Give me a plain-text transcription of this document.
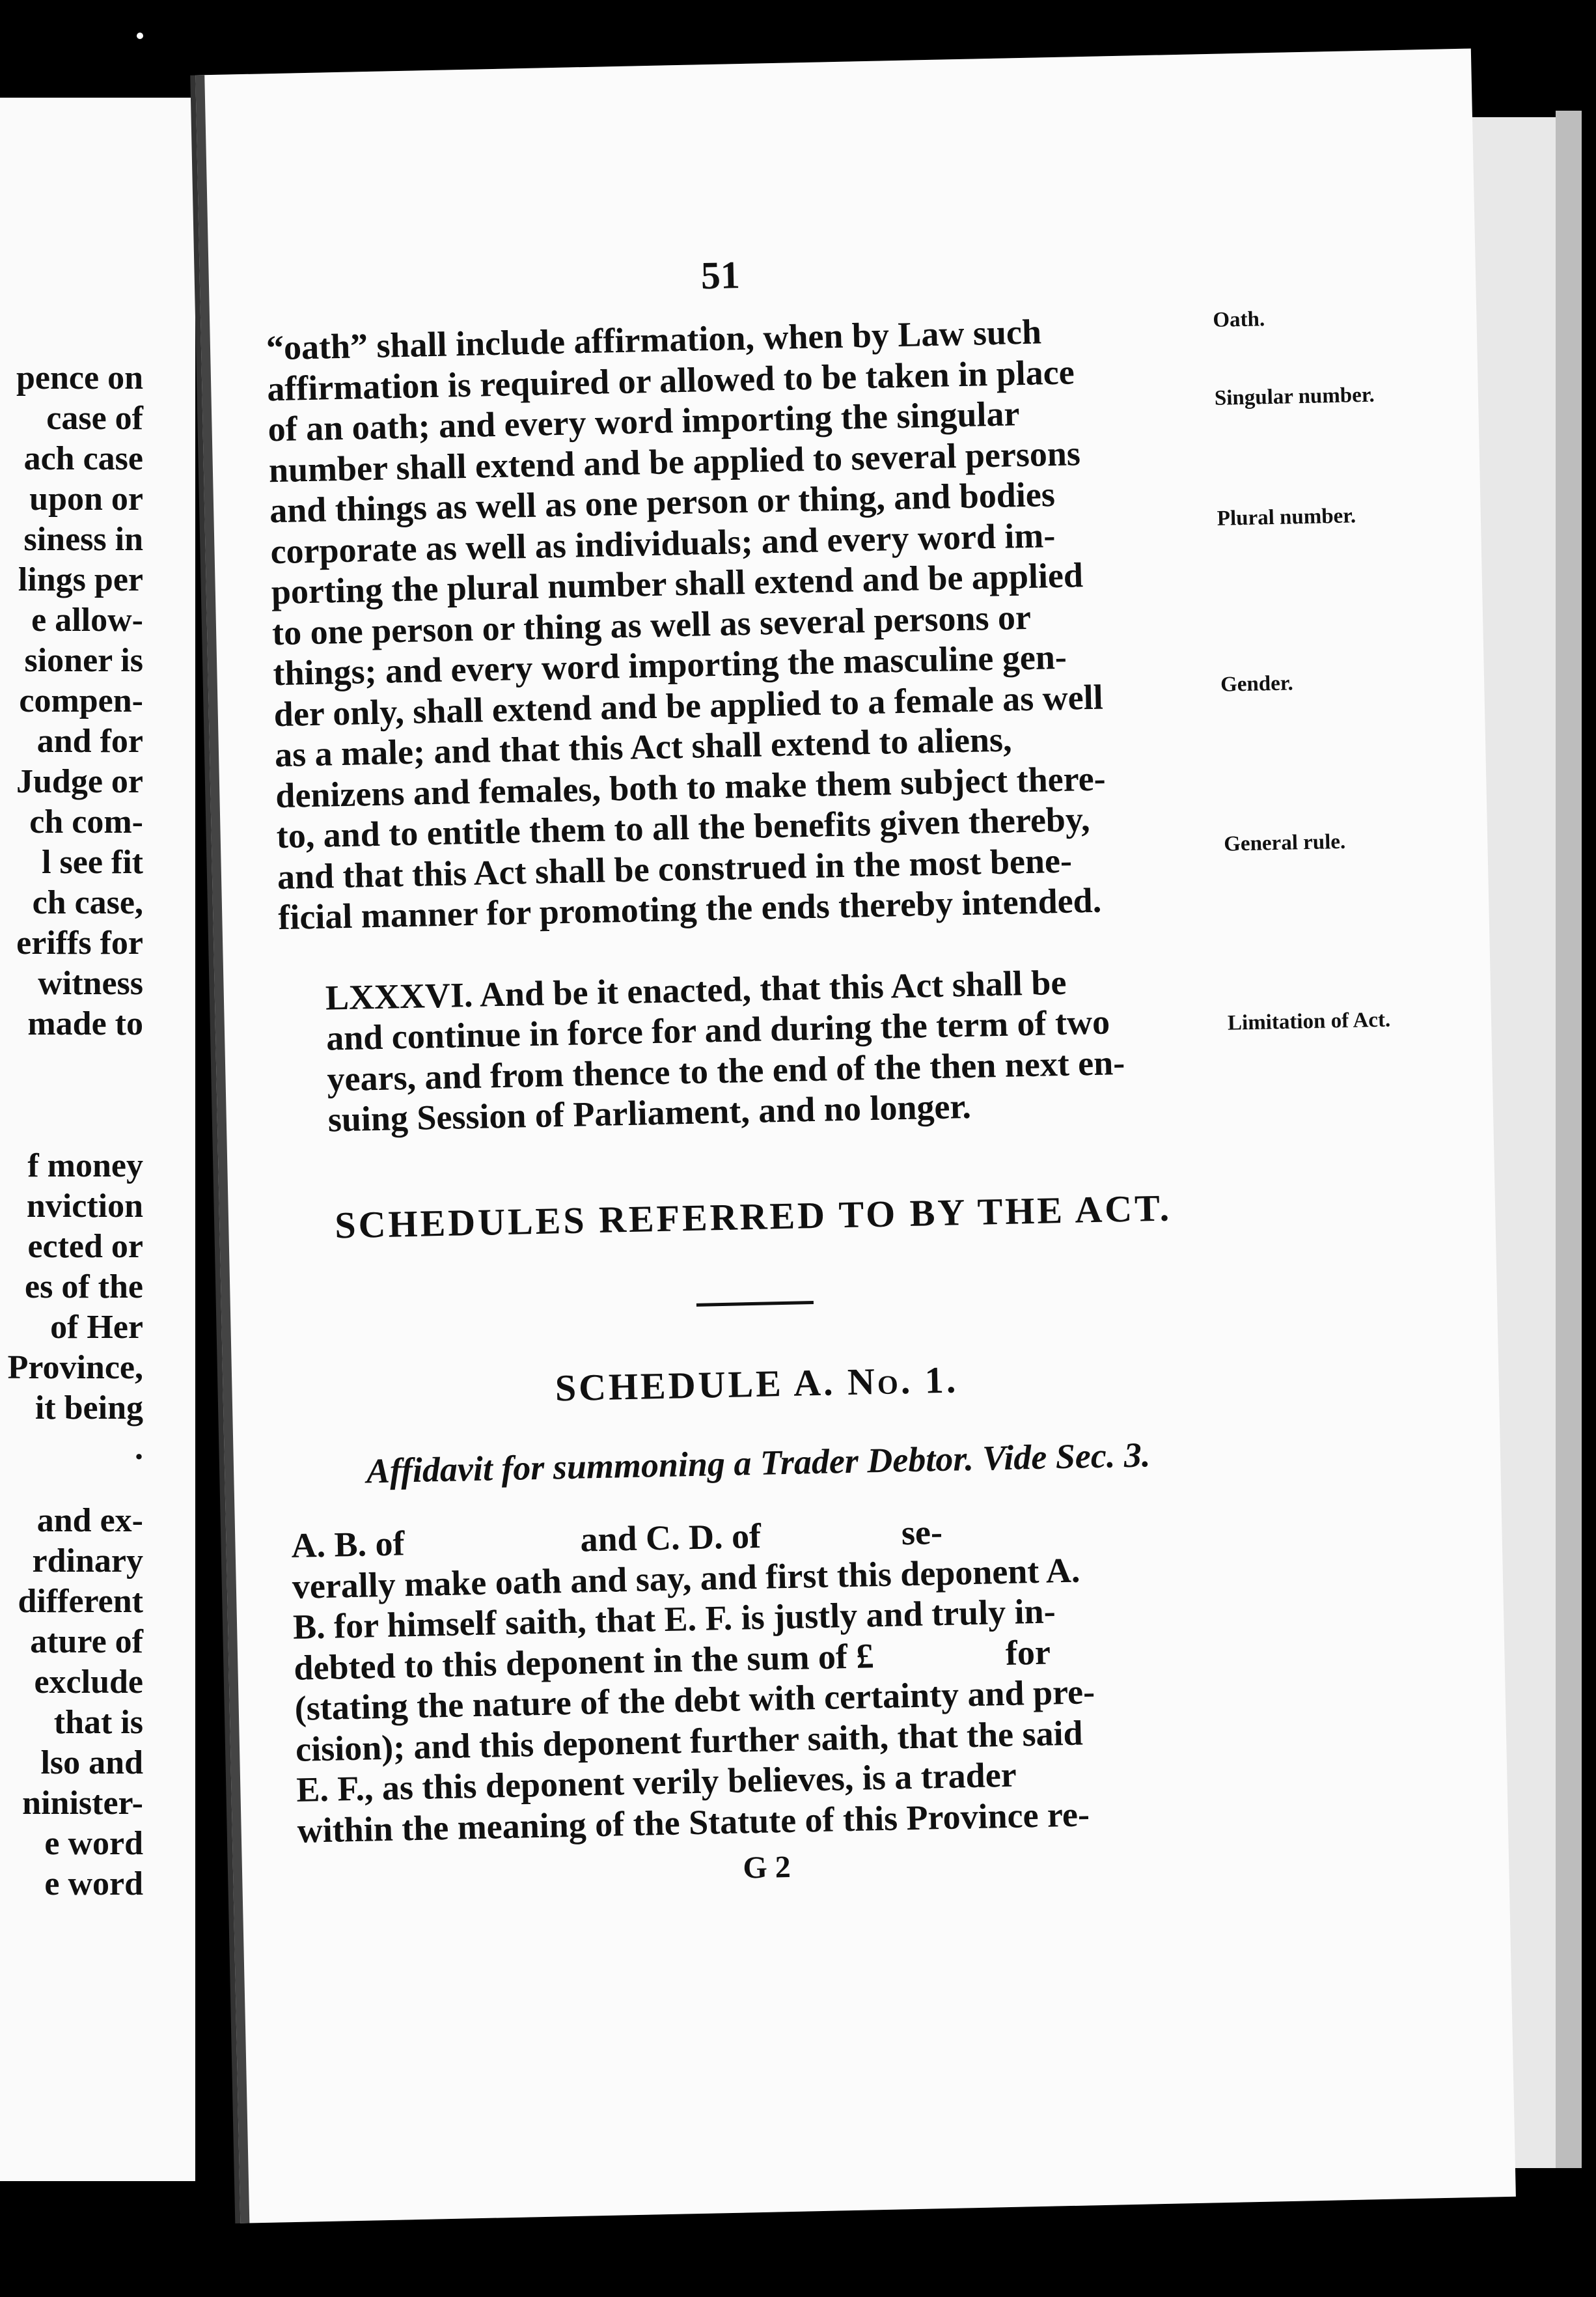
pence on
case of
ach case
upon or
siness in
lings per
e allow-
sioner is
compen-
and for
Judge or
ch com-
l see fit
ch case,
eriffs for
witness
made to
f money
nviction
ected or
es of the
of Her
Province,
it being
.
and ex-
rdinary
different
ature of
exclude
that is
lso and
ninister-
e word
e word
51
“oath” shall include affirmation, when by Law such
affirmation is required or allowed to be taken in place
of an oath; and every word importing the singular
number shall extend and be applied to several persons
and things as well as one person or thing, and bodies
corporate as well as individuals; and every word im-
porting the plural number shall extend and be applied
to one person or thing as well as several persons or
things; and every word importing the masculine gen-
der only, shall extend and be applied to a female as well
as a male; and that this Act shall extend to aliens,
denizens and females, both to make them subject there-
to, and to entitle them to all the benefits given thereby,
and that this Act shall be construed in the most bene-
ficial manner for promoting the ends thereby intended.
LXXXVI. And be it enacted, that this Act shall be
and continue in force for and during the term of two
years, and from thence to the end of the then next en-
suing Session of Parliament, and no longer.
SCHEDULES REFERRED TO BY THE ACT.
SCHEDULE A. No. 1.
Affidavit for summoning a Trader Debtor. Vide Sec. 3.
A. B. of                    and C. D. of                se-
verally make oath and say, and first this deponent A.
B. for himself saith, that E. F. is justly and truly in-
debted to this deponent in the sum of £               for
(stating the nature of the debt with certainty and pre-
cision); and this deponent further saith, that the said
E. F., as this deponent verily believes, is a trader
within the meaning of the Statute of this Province re-
G 2
Oath.
Singular number.
Plural number.
Gender.
General rule.
Limitation of Act.
